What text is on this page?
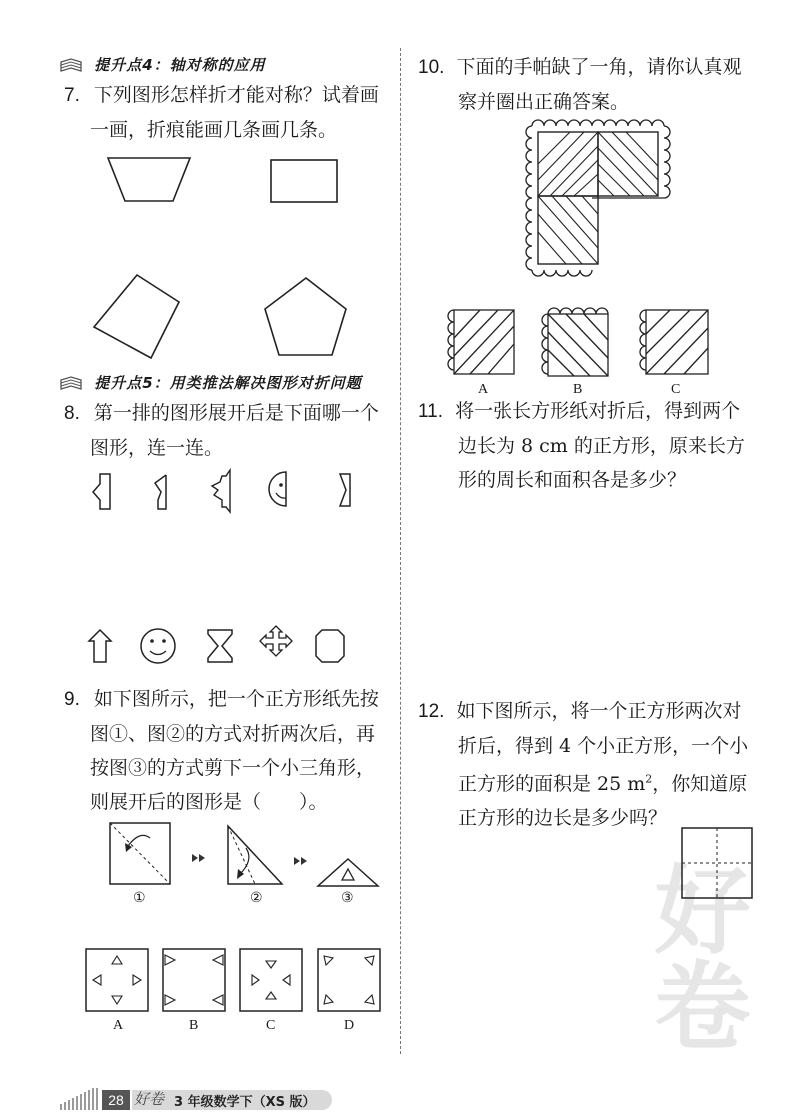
好卷
提升点4：轴对称的应用
7. 下列图形怎样折才能对称？试着画
一画，折痕能画几条画几条。
提升点5：用类推法解决图形对折问题
8. 第一排的图形展开后是下面哪一个
图形，连一连。
9. 如下图所示，把一个正方形纸先按
图①、图②的方式对折两次后，再
按图③的方式剪下一个小三角形，
则展开后的图形是（　　）。
①	②	③
A	B	C	D
10. 下面的手帕缺了一角，请你认真观
察并圈出正确答案。
A	B	C
11. 将一张长方形纸对折后，得到两个
边长为 8 cm 的正方形，原来长方
形的周长和面积各是多少？
12. 如下图所示，将一个正方形两次对
折后，得到 4 个小正方形，一个小
正方形的面积是 25 $m^2$，你知道原
正方形的边长是多少吗？
28 好卷 3 年级数学下（XS 版）
